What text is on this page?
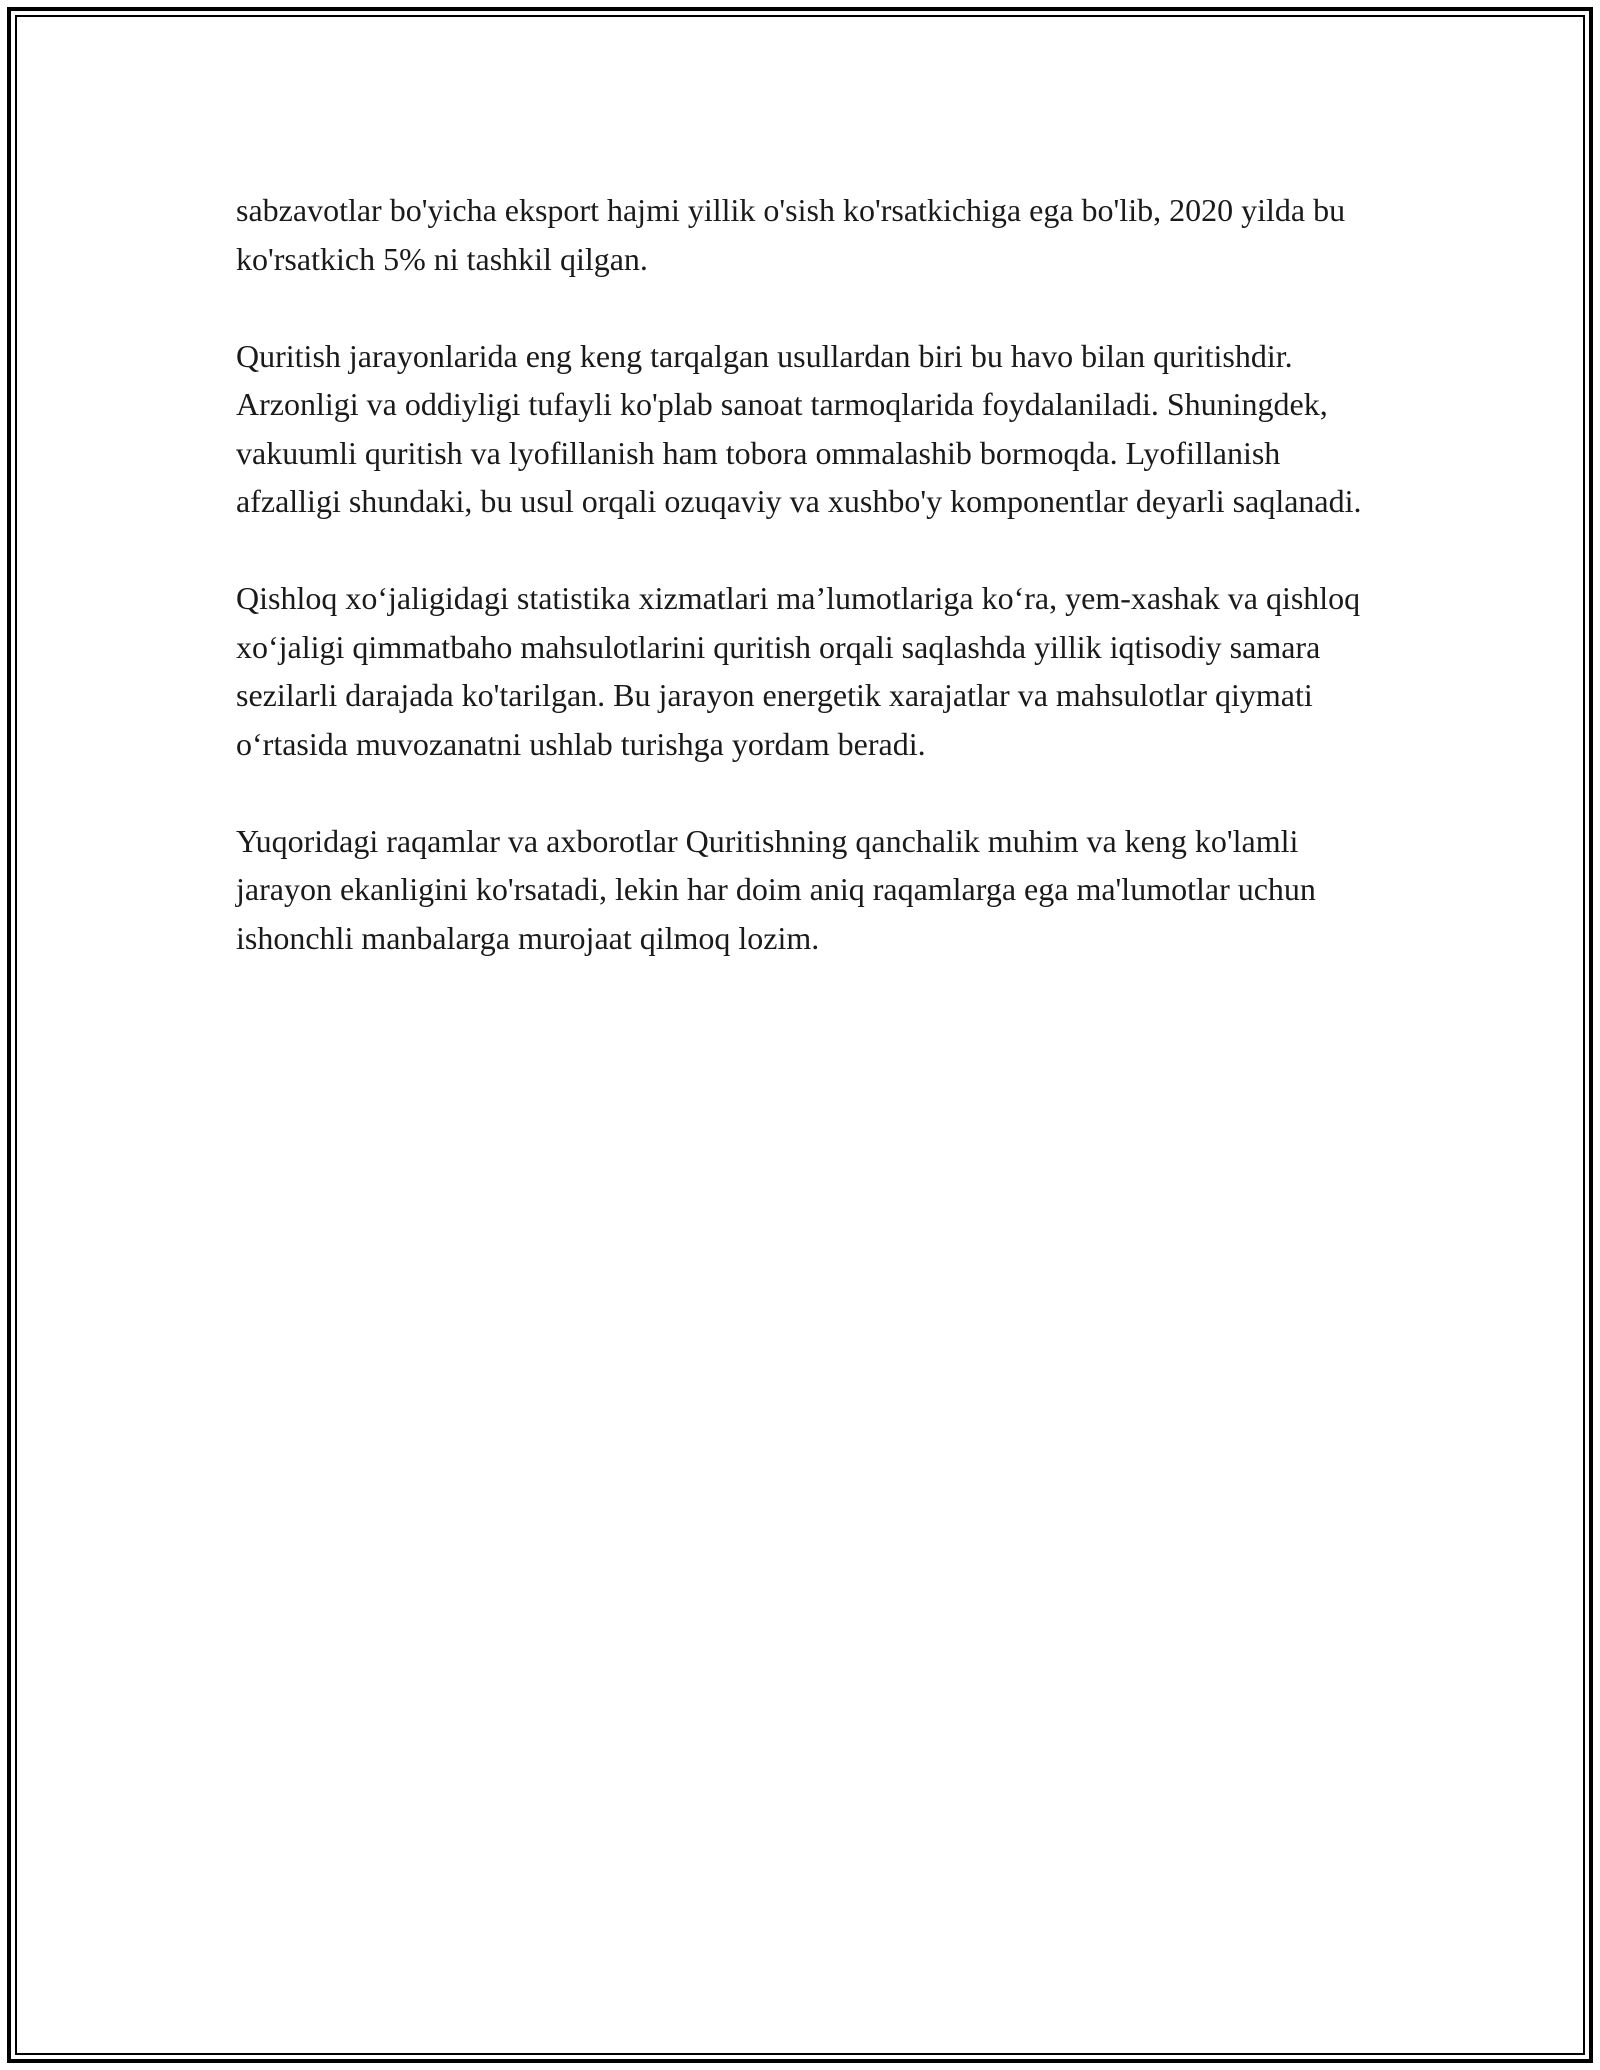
sabzavotlar bo'yicha eksport hajmi yillik o'sish ko'rsatkichiga ega bo'lib, 2020 yilda bu ko'rsatkich 5% ni tashkil qilgan.

Quritish jarayonlarida eng keng tarqalgan usullardan biri bu havo bilan quritishdir. Arzonligi va oddiyligi tufayli ko'plab sanoat tarmoqlarida foydalaniladi. Shuningdek, vakuumli quritish va lyofillanish ham tobora ommalashib bormoqda. Lyofillanish afzalligi shundaki, bu usul orqali ozuqaviy va xushbo'y komponentlar deyarli saqlanadi.

Qishloq xoʻjaligidagi statistika xizmatlari maʼlumotlariga koʻra, yem-xashak va qishloq xoʻjaligi qimmatbaho mahsulotlarini quritish orqali saqlashda yillik iqtisodiy samara sezilarli darajada ko'tarilgan. Bu jarayon energetik xarajatlar va mahsulotlar qiymati oʻrtasida muvozanatni ushlab turishga yordam beradi.

Yuqoridagi raqamlar va axborotlar Quritishning qanchalik muhim va keng ko'lamli jarayon ekanligini ko'rsatadi, lekin har doim aniq raqamlarga ega ma'lumotlar uchun ishonchli manbalarga murojaat qilmoq lozim.
